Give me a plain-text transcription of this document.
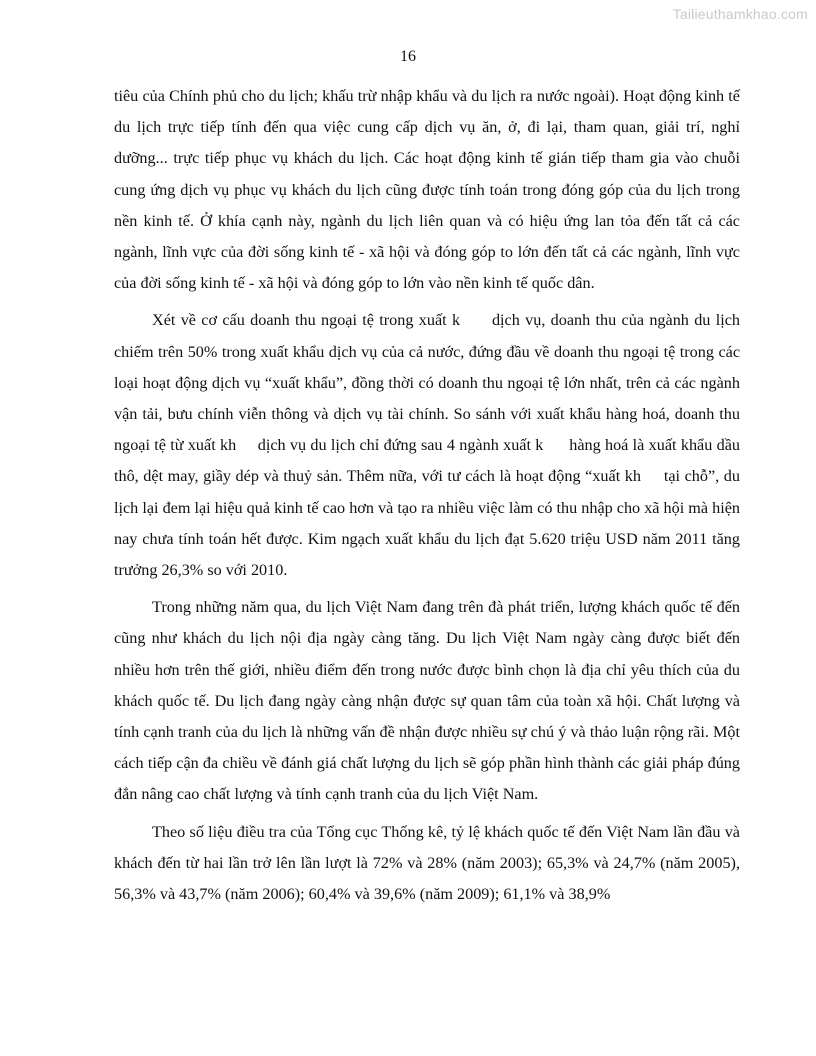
Tailieuthamkhao.com
16

tiêu của Chính phủ cho du lịch; khấu trừ nhập khẩu và du lịch ra nước ngoài). Hoạt động kinh tế du lịch trực tiếp tính đến qua việc cung cấp dịch vụ ăn, ở, đi lại, tham quan, giải trí, nghỉ dưỡng... trực tiếp phục vụ khách du lịch. Các hoạt động kinh tế gián tiếp tham gia vào chuỗi cung ứng dịch vụ phục vụ khách du lịch cũng được tính toán trong đóng góp của du lịch trong nền kinh tế. Ở khía cạnh này, ngành du lịch liên quan và có hiệu ứng lan tỏa đến tất cả các ngành, lĩnh vực của đời sống kinh tế - xã hội và đóng góp to lớn đến tất cả các ngành, lĩnh vực của đời sống kinh tế - xã hội và đóng góp to lớn vào nền kinh tế quốc dân.

Xét về cơ cấu doanh thu ngoại tệ trong xuất k      dịch vụ, doanh thu của ngành du lịch chiếm trên 50% trong xuất khẩu dịch vụ của cả nước, đứng đầu về doanh thu ngoại tệ trong các loại hoạt động dịch vụ “xuất khẩu”, đồng thời có doanh thu ngoại tệ lớn nhất, trên cả các ngành vận tải, bưu chính viễn thông và dịch vụ tài chính. So sánh với xuất khẩu hàng hoá, doanh thu ngoại tệ từ xuất kh     dịch vụ du lịch chỉ đứng sau 4 ngành xuất k      hàng hoá là xuất khẩu dầu thô, dệt may, giầy dép và thuỷ sản. Thêm nữa, với tư cách là hoạt động “xuất kh     tại chỗ”, du lịch lại đem lại hiệu quả kinh tế cao hơn và tạo ra nhiều việc làm có thu nhập cho xã hội mà hiện nay chưa tính toán hết được. Kim ngạch xuất khẩu du lịch đạt 5.620 triệu USD năm 2011 tăng trưởng 26,3% so với 2010.

Trong những năm qua, du lịch Việt Nam đang trên đà phát triển, lượng khách quốc tế đến cũng như khách du lịch nội địa ngày càng tăng. Du lịch Việt Nam ngày càng được biết đến nhiều hơn trên thế giới, nhiều điểm đến trong nước được bình chọn là địa chỉ yêu thích của du khách quốc tế. Du lịch đang ngày càng nhận được sự quan tâm của toàn xã hội. Chất lượng và tính cạnh tranh của du lịch là những vấn đề nhận được nhiều sự chú ý và thảo luận rộng rãi. Một cách tiếp cận đa chiều về đánh giá chất lượng du lịch sẽ góp phần hình thành các giải pháp đúng đắn nâng cao chất lượng và tính cạnh tranh của du lịch Việt Nam.

Theo số liệu điều tra của Tổng cục Thống kê, tỷ lệ khách quốc tế đến Việt Nam lần đầu và khách đến từ hai lần trở lên lần lượt là 72% và 28% (năm 2003); 65,3% và 24,7% (năm 2005), 56,3% và 43,7% (năm 2006); 60,4% và 39,6% (năm 2009); 61,1% và 38,9%
